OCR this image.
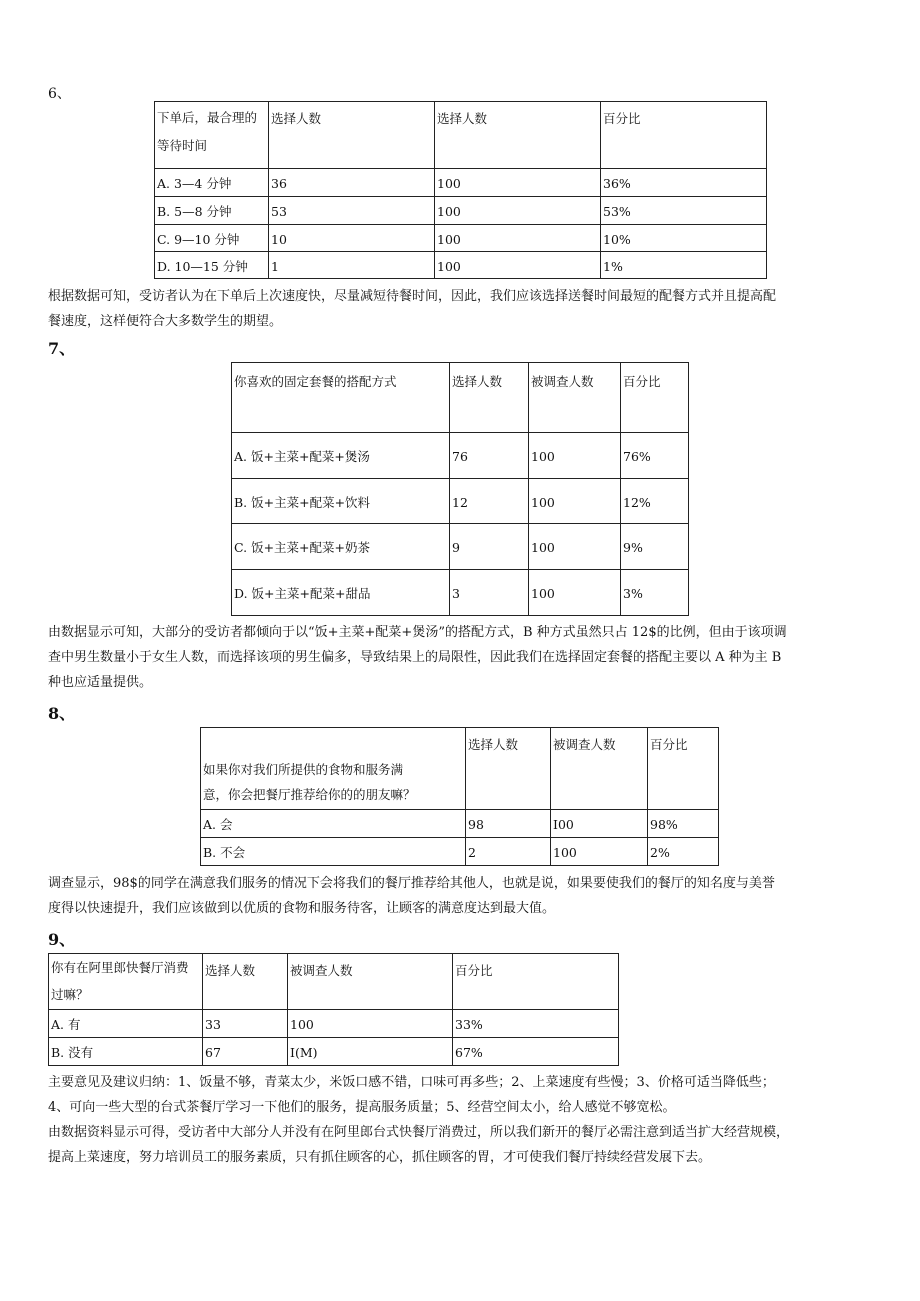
6、
下单后，最合理的等待时间	选择人数	选择人数	百分比
A. 3—4 分钟	36	100	36%
B. 5—8 分钟	53	100	53%
C. 9—10 分钟	10	100	10%
D. 10—15 分钟	1	100	1%
根据数据可知，受访者认为在下单后上次速度快，尽量减短待餐时间，因此，我们应该选择送餐时间最短的配餐方式并且提高配
餐速度，这样便符合大多数学生的期望。
7、
你喜欢的固定套餐的搭配方式	选择人数	被调查人数	百分比
A. 饭+主菜+配菜+煲汤	76	100	76%
B. 饭+主菜+配菜+饮料	12	100	12%
C. 饭+主菜+配菜+奶茶	9	100	9%
D. 饭+主菜+配菜+甜品	3	100	3%
由数据显示可知，大部分的受访者都倾向于以“饭+主菜+配菜+煲汤”的搭配方式，B 种方式虽然只占 12$的比例，但由于该项调
查中男生数量小于女生人数，而选择该项的男生偏多，导致结果上的局限性，因此我们在选择固定套餐的搭配主要以 A 种为主 B
种也应适量提供。
8、
如果你对我们所提供的食物和服务满
意，你会把餐厅推荐给你的的朋友嘛？	选择人数	被调查人数	百分比
A. 会	98	I00	98%
B. 不会	2	100	2%
调查显示，98$的同学在满意我们服务的情况下会将我们的餐厅推荐给其他人，也就是说，如果要使我们的餐厅的知名度与美誉
度得以快速提升，我们应该做到以优质的食物和服务待客，让顾客的满意度达到最大值。
9、
你有在阿里郎快餐厅消费过嘛？	选择人数	被调查人数	百分比
A. 有	33	100	33%
B. 没有	67	I(M)	67%
主要意见及建议归纳：1、饭量不够，青菜太少，米饭口感不错，口味可再多些；2、上菜速度有些慢；3、价格可适当降低些；
4、可向一些大型的台式茶餐厅学习一下他们的服务，提高服务质量；5、经营空间太小，给人感觉不够宽松。
由数据资料显示可得，受访者中大部分人并没有在阿里郎台式快餐厅消费过，所以我们新开的餐厅必需注意到适当扩大经营规模，
提高上菜速度，努力培训员工的服务素质，只有抓住顾客的心，抓住顾客的胃，才可使我们餐厅持续经营发展下去。
